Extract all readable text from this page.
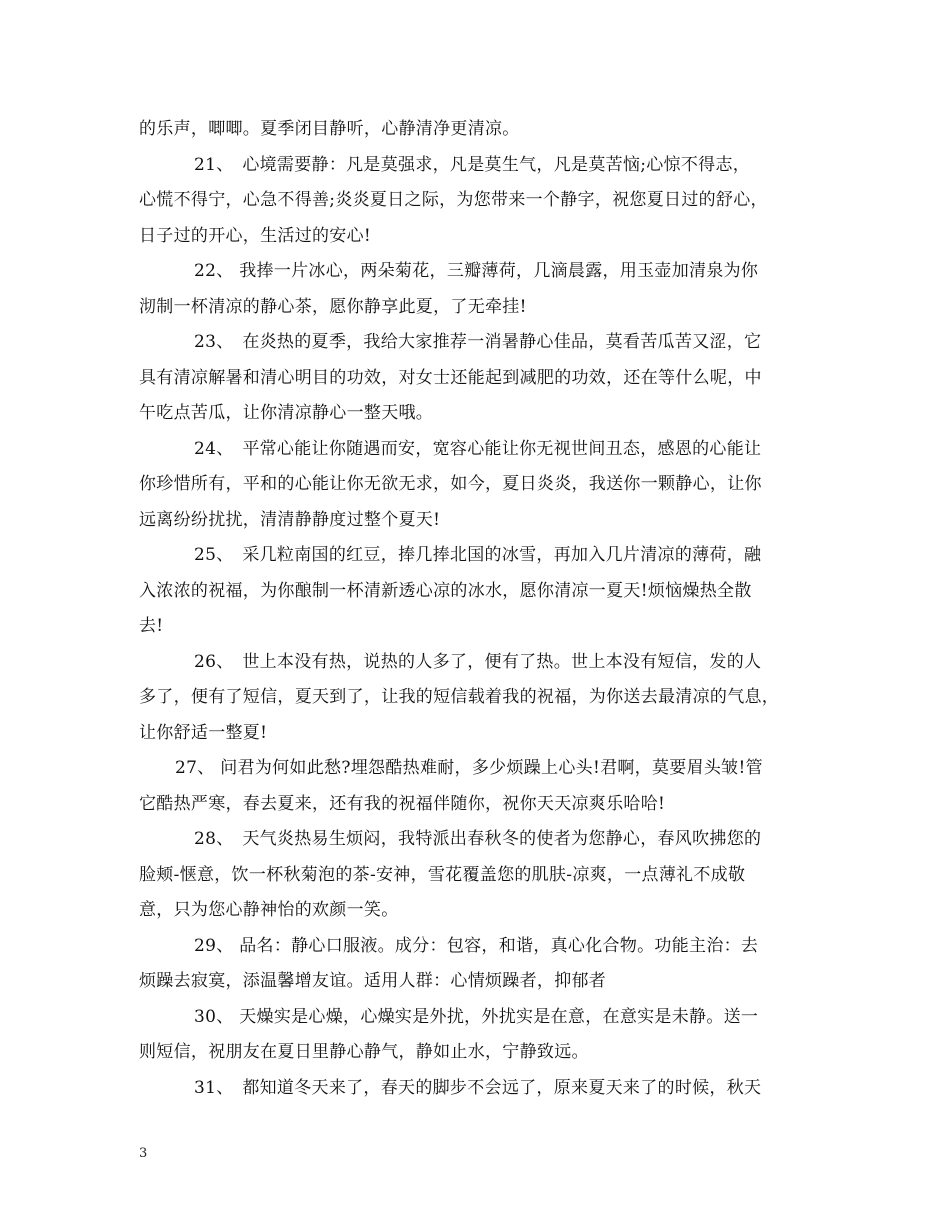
的乐声，唧唧。夏季闭目静听，心静清净更清凉。
21、　心境需要静：凡是莫强求，凡是莫生气，凡是莫苦恼;心惊不得志，
心慌不得宁，心急不得善;炎炎夏日之际，为您带来一个静字，祝您夏日过的舒心，
日子过的开心，生活过的安心!
22、 我捧一片冰心，两朵菊花，三瓣薄荷，几滴晨露，用玉壶加清泉为你
沏制一杯清凉的静心茶，愿你静享此夏，了无牵挂!
23、　在炎热的夏季，我给大家推荐一消暑静心佳品，莫看苦瓜苦又涩，它
具有清凉解暑和清心明目的功效，对女士还能起到减肥的功效，还在等什么呢，中
午吃点苦瓜，让你清凉静心一整天哦。
24、　平常心能让你随遇而安，宽容心能让你无视世间丑态，感恩的心能让
你珍惜所有，平和的心能让你无欲无求，如今，夏日炎炎，我送你一颗静心，让你
远离纷纷扰扰，清清静静度过整个夏天!
25、　采几粒南国的红豆，捧几捧北国的冰雪，再加入几片清凉的薄荷，融
入浓浓的祝福，为你酿制一杯清新透心凉的冰水，愿你清凉一夏天!烦恼燥热全散
去!
26、　世上本没有热，说热的人多了，便有了热。世上本没有短信，发的人
多了，便有了短信，夏天到了，让我的短信载着我的祝福，为你送去最清凉的气息，
让你舒适一整夏!
27、 问君为何如此愁?埋怨酷热难耐，多少烦躁上心头!君啊，莫要眉头皱!管
它酷热严寒，春去夏来，还有我的祝福伴随你，祝你天天凉爽乐哈哈!
28、　天气炎热易生烦闷，我特派出春秋冬的使者为您静心，春风吹拂您的
脸颊-惬意，饮一杯秋菊泡的茶-安神，雪花覆盖您的肌肤-凉爽，一点薄礼不成敬
意，只为您心静神怡的欢颜一笑。
29、 品名：静心口服液。成分：包容，和谐，真心化合物。功能主治：去
烦躁去寂寞，添温馨增友谊。适用人群：心情烦躁者，抑郁者
30、 天燥实是心燥，心燥实是外扰，外扰实是在意，在意实是未静。送一
则短信，祝朋友在夏日里静心静气，静如止水，宁静致远。
31、　都知道冬天来了，春天的脚步不会远了，原来夏天来了的时候，秋天
3
